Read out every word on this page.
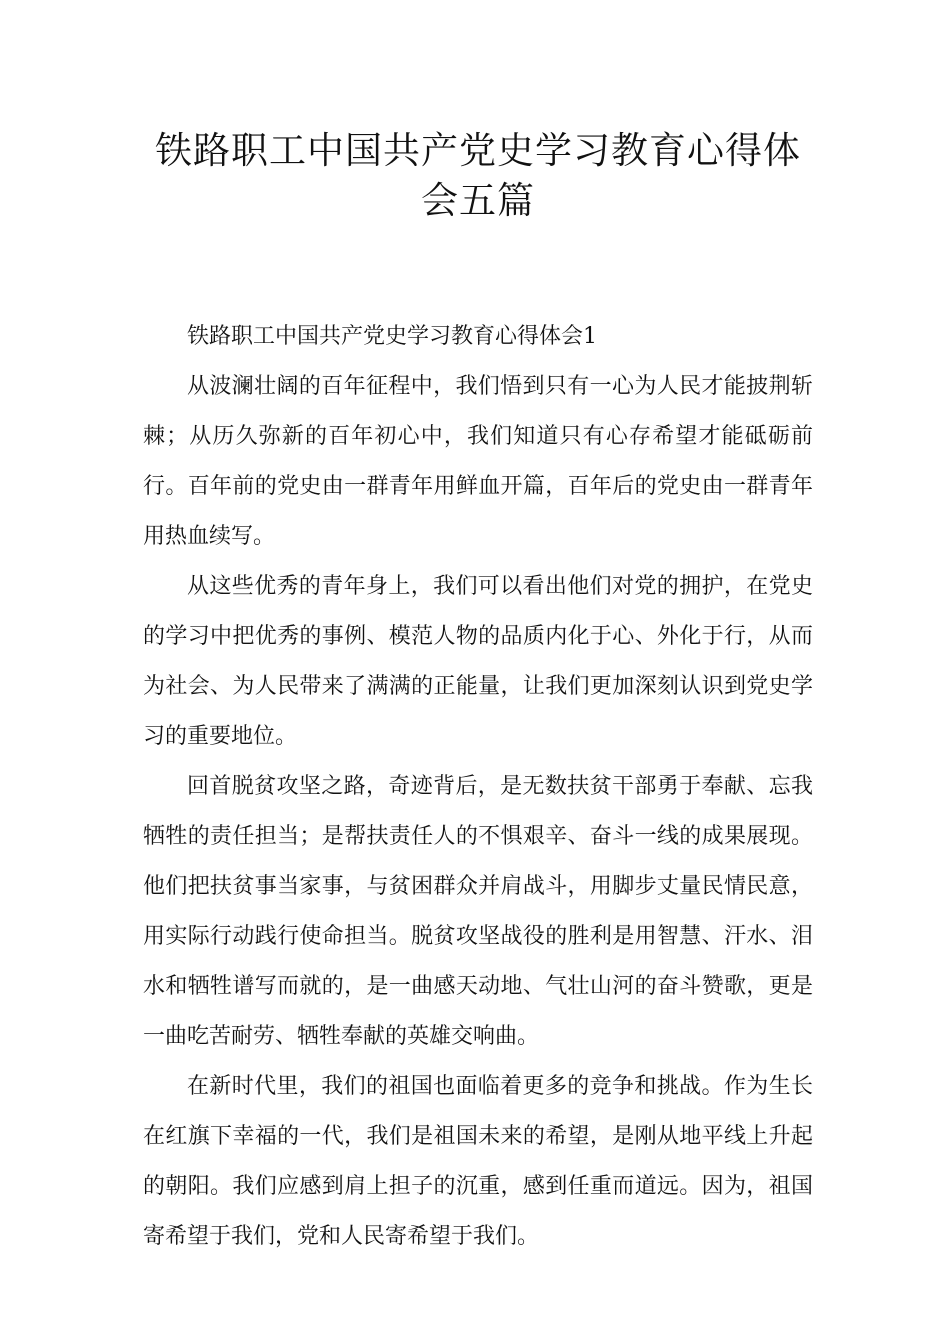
铁路职工中国共产党史学习教育心得体
会五篇

铁路职工中国共产党史学习教育心得体会1

从波澜壮阔的百年征程中，我们悟到只有一心为人民才能披荆斩棘；从历久弥新的百年初心中，我们知道只有心存希望才能砥砺前行。百年前的党史由一群青年用鲜血开篇，百年后的党史由一群青年用热血续写。

从这些优秀的青年身上，我们可以看出他们对党的拥护，在党史的学习中把优秀的事例、模范人物的品质内化于心、外化于行，从而为社会、为人民带来了满满的正能量，让我们更加深刻认识到党史学习的重要地位。

回首脱贫攻坚之路，奇迹背后，是无数扶贫干部勇于奉献、忘我牺牲的责任担当；是帮扶责任人的不惧艰辛、奋斗一线的成果展现。他们把扶贫事当家事，与贫困群众并肩战斗，用脚步丈量民情民意，用实际行动践行使命担当。脱贫攻坚战役的胜利是用智慧、汗水、泪水和牺牲谱写而就的，是一曲感天动地、气壮山河的奋斗赞歌，更是一曲吃苦耐劳、牺牲奉献的英雄交响曲。

在新时代里，我们的祖国也面临着更多的竞争和挑战。作为生长在红旗下幸福的一代，我们是祖国未来的希望，是刚从地平线上升起的朝阳。我们应感到肩上担子的沉重，感到任重而道远。因为，祖国寄希望于我们，党和人民寄希望于我们。
